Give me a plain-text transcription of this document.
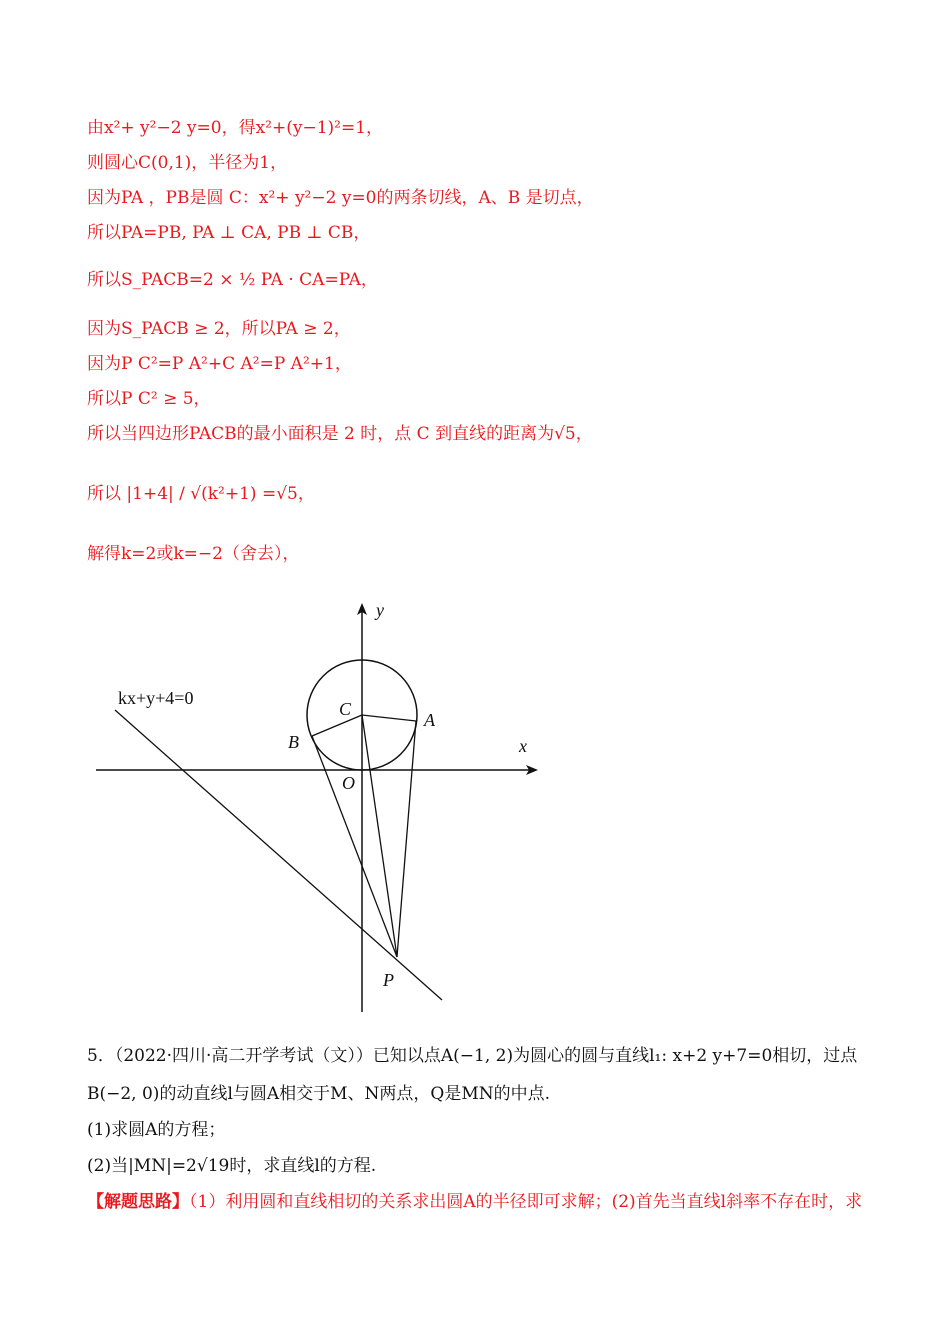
由x²+ y²−2 y=0，得x²+(y−1)²=1，
则圆心C(0,1)，半径为1，
因为PA ，PB是圆 C：x²+ y²−2 y=0的两条切线，A、B 是切点，
所以PA=PB, PA ⊥ CA, PB ⊥ CB，
所以S_PACB=2 × ½ PA · CA=PA，
因为S_PACB ≥ 2，所以PA ≥ 2，
因为P C²=P A²+C A²=P A²+1，
所以P C² ≥ 5，
所以当四边形PACB的最小面积是 2 时，点 C 到直线的距离为√5，
所以 |1+4| / √(k²+1) =√5，
解得k=2或k=−2（舍去），
y
x
O
C
A
B
P
kx+y+4=0
5．（2022·四川·高二开学考试（文））已知以点A(−1, 2)为圆心的圆与直线l₁: x+2 y+7=0相切，过点
B(−2, 0)的动直线l与圆A相交于M、N两点，Q是MN的中点.
(1)求圆A的方程；
(2)当|MN|=2√19时，求直线l的方程.
【解题思路】（1）利用圆和直线相切的关系求出圆A的半径即可求解；(2)首先当直线l斜率不存在时，求
